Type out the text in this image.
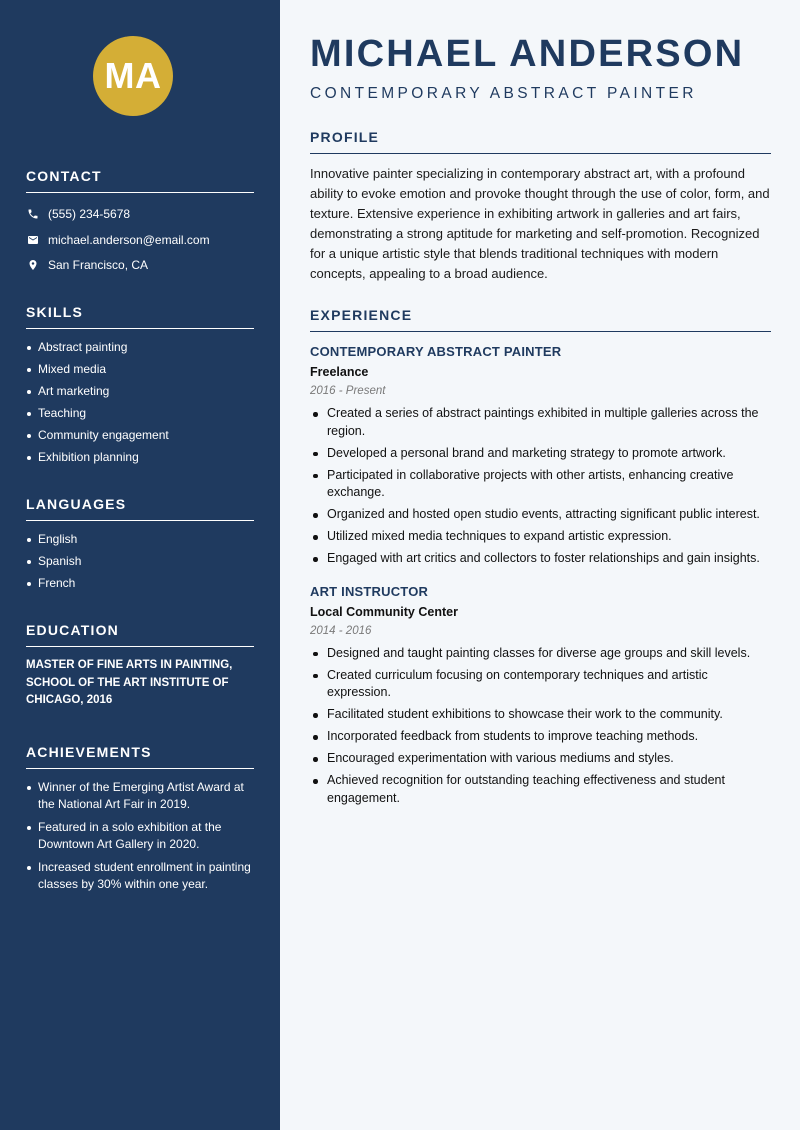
MA
CONTACT
(555) 234-5678
michael.anderson@email.com
San Francisco, CA
SKILLS
Abstract painting
Mixed media
Art marketing
Teaching
Community engagement
Exhibition planning
LANGUAGES
English
Spanish
French
EDUCATION
MASTER OF FINE ARTS IN PAINTING, SCHOOL OF THE ART INSTITUTE OF CHICAGO, 2016
ACHIEVEMENTS
Winner of the Emerging Artist Award at the National Art Fair in 2019.
Featured in a solo exhibition at the Downtown Art Gallery in 2020.
Increased student enrollment in painting classes by 30% within one year.
MICHAEL ANDERSON
CONTEMPORARY ABSTRACT PAINTER
PROFILE

Innovative painter specializing in contemporary abstract art, with a profound ability to evoke emotion and provoke thought through the use of color, form, and texture. Extensive experience in exhibiting artwork in galleries and art fairs, demonstrating a strong aptitude for marketing and self-promotion. Recognized for a unique artistic style that blends traditional techniques with modern concepts, appealing to a broad audience.

EXPERIENCE
CONTEMPORARY ABSTRACT PAINTER
Freelance
2016 - Present
Created a series of abstract paintings exhibited in multiple galleries across the region.
Developed a personal brand and marketing strategy to promote artwork.
Participated in collaborative projects with other artists, enhancing creative exchange.
Organized and hosted open studio events, attracting significant public interest.
Utilized mixed media techniques to expand artistic expression.
Engaged with art critics and collectors to foster relationships and gain insights.
ART INSTRUCTOR
Local Community Center
2014 - 2016
Designed and taught painting classes for diverse age groups and skill levels.
Created curriculum focusing on contemporary techniques and artistic expression.
Facilitated student exhibitions to showcase their work to the community.
Incorporated feedback from students to improve teaching methods.
Encouraged experimentation with various mediums and styles.
Achieved recognition for outstanding teaching effectiveness and student engagement.
